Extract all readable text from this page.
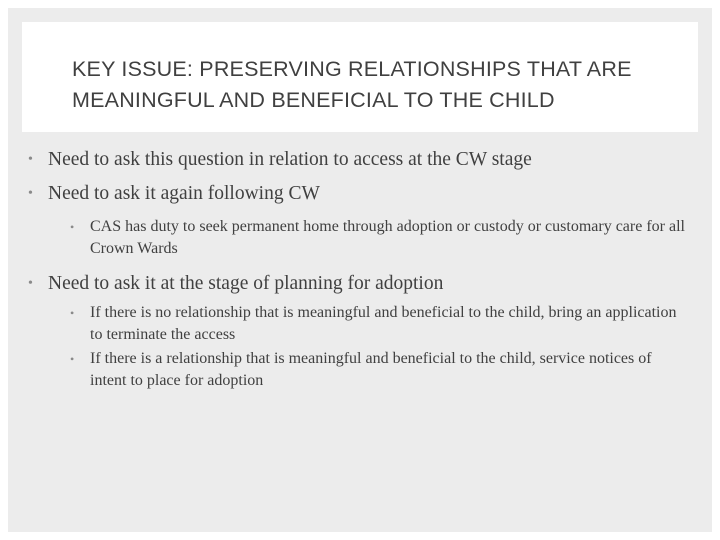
KEY ISSUE: PRESERVING RELATIONSHIPS THAT ARE
MEANINGFUL AND BENEFICIAL TO THE CHILD
• Need to ask this question in relation to access at the CW stage
• Need to ask it again following CW
• CAS has duty to seek permanent home through adoption or custody or customary care for all Crown Wards
• Need to ask it at the stage of planning for adoption
• If there is no relationship that is meaningful and beneficial to the child, bring an application to terminate the access
• If there is a relationship that is meaningful and beneficial to the child, service notices of intent to place for adoption
